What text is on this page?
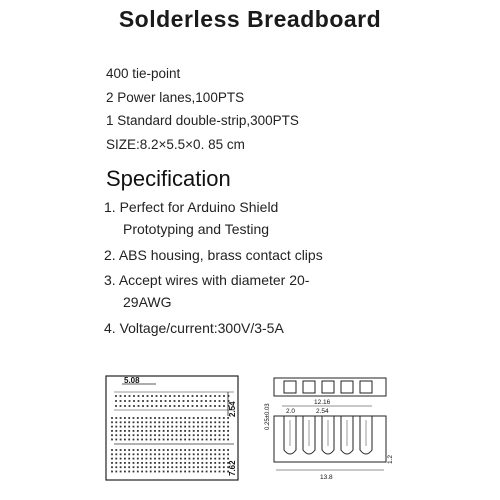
Solderless Breadboard
400 tie-point
2 Power lanes,100PTS
1 Standard double-strip,300PTS
SIZE:8.2×5.5×0. 85 cm
Specification
1. Perfect for Arduino Shield
Prototyping and Testing
2. ABS housing, brass contact clips
3. Accept wires with diameter 20-
29AWG
4. Voltage/current:300V/3-5A
5.08
2.54
7.62
12.16
2.0	2.54
0.25±0.03
13.8
1.2
